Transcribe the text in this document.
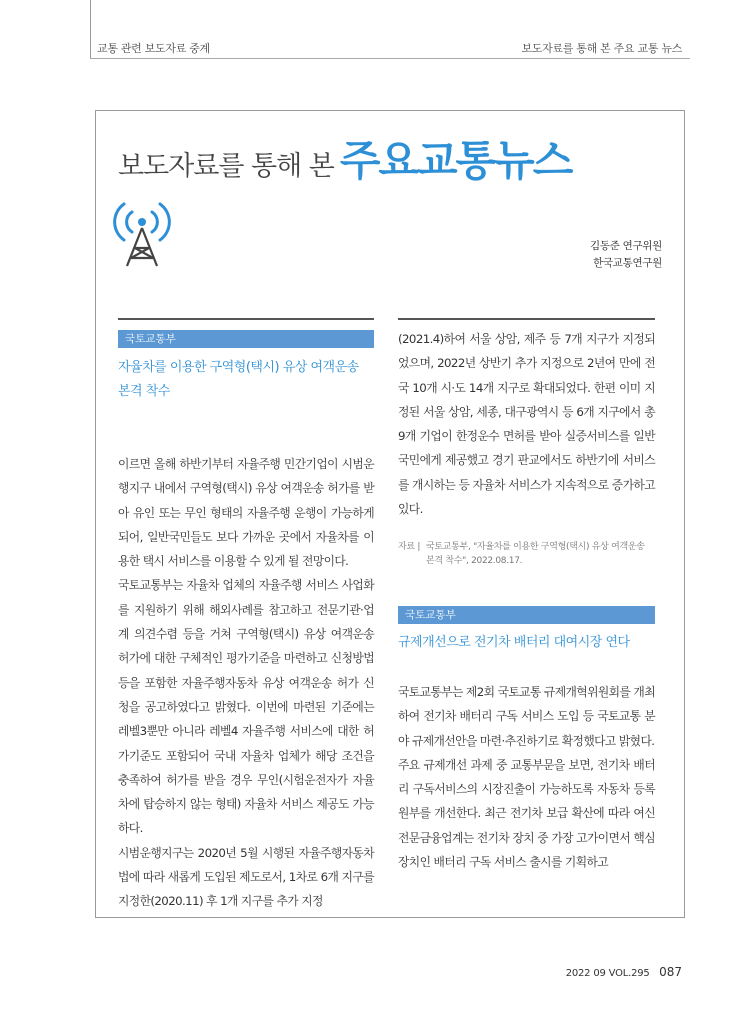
교통 관련 보도자료 중계	보도자료를 통해 본 주요 교통 뉴스
보도자료를 통해 본 주요교통뉴스
김동준 연구위원
한국교통연구원
국토교통부
자율차를 이용한 구역형(택시) 유상 여객운송
본격 착수

이르면 올해 하반기부터 자율주행 민간기업이 시범운행지구 내에서 구역형(택시) 유상 여객운송 허가를 받아 유인 또는 무인 형태의 자율주행 운행이 가능하게 되어, 일반국민들도 보다 가까운 곳에서 자율차를 이용한 택시 서비스를 이용할 수 있게 될 전망이다.

국토교통부는 자율차 업체의 자율주행 서비스 사업화를 지원하기 위해 해외사례를 참고하고 전문기관·업계 의견수렴 등을 거쳐 구역형(택시) 유상 여객운송 허가에 대한 구체적인 평가기준을 마련하고 신청방법 등을 포함한 자율주행자동차 유상 여객운송 허가 신청을 공고하였다고 밝혔다. 이번에 마련된 기준에는 레벨3뿐만 아니라 레벨4 자율주행 서비스에 대한 허가기준도 포함되어 국내 자율차 업체가 해당 조건을 충족하여 허가를 받을 경우 무인(시험운전자가 자율차에 탑승하지 않는 형태) 자율차 서비스 제공도 가능하다.

시범운행지구는 2020년 5월 시행된 자율주행자동차법에 따라 새롭게 도입된 제도로서, 1차로 6개 지구를 지정한(2020.11) 후 1개 지구를 추가 지정

(2021.4)하여 서울 상암, 제주 등 7개 지구가 지정되었으며, 2022년 상반기 추가 지정으로 2년여 만에 전국 10개 시·도 14개 지구로 확대되었다. 한편 이미 지정된 서울 상암, 세종, 대구광역시 등 6개 지구에서 총 9개 기업이 한정운수 면허를 받아 실증서비스를 일반국민에게 제공했고 경기 판교에서도 하반기에 서비스를 개시하는 등 자율차 서비스가 지속적으로 증가하고 있다.

자료 | 국토교통부, "자율차를 이용한 구역형(택시) 유상 여객운송 본격 착수", 2022.08.17.
국토교통부
규제개선으로 전기차 배터리 대여시장 연다

국토교통부는 제2회 국토교통 규제개혁위원회를 개최하여 전기차 배터리 구독 서비스 도입 등 국토교통 분야 규제개선안을 마련·추진하기로 확정했다고 밝혔다.

주요 규제개선 과제 중 교통부문을 보면, 전기차 배터리 구독서비스의 시장진출이 가능하도록 자동차 등록원부를 개선한다. 최근 전기차 보급 확산에 따라 여신전문금융업계는 전기차 장치 중 가장 고가이면서 핵심장치인 배터리 구독 서비스 출시를 기획하고

2022 09 VOL.295 087
